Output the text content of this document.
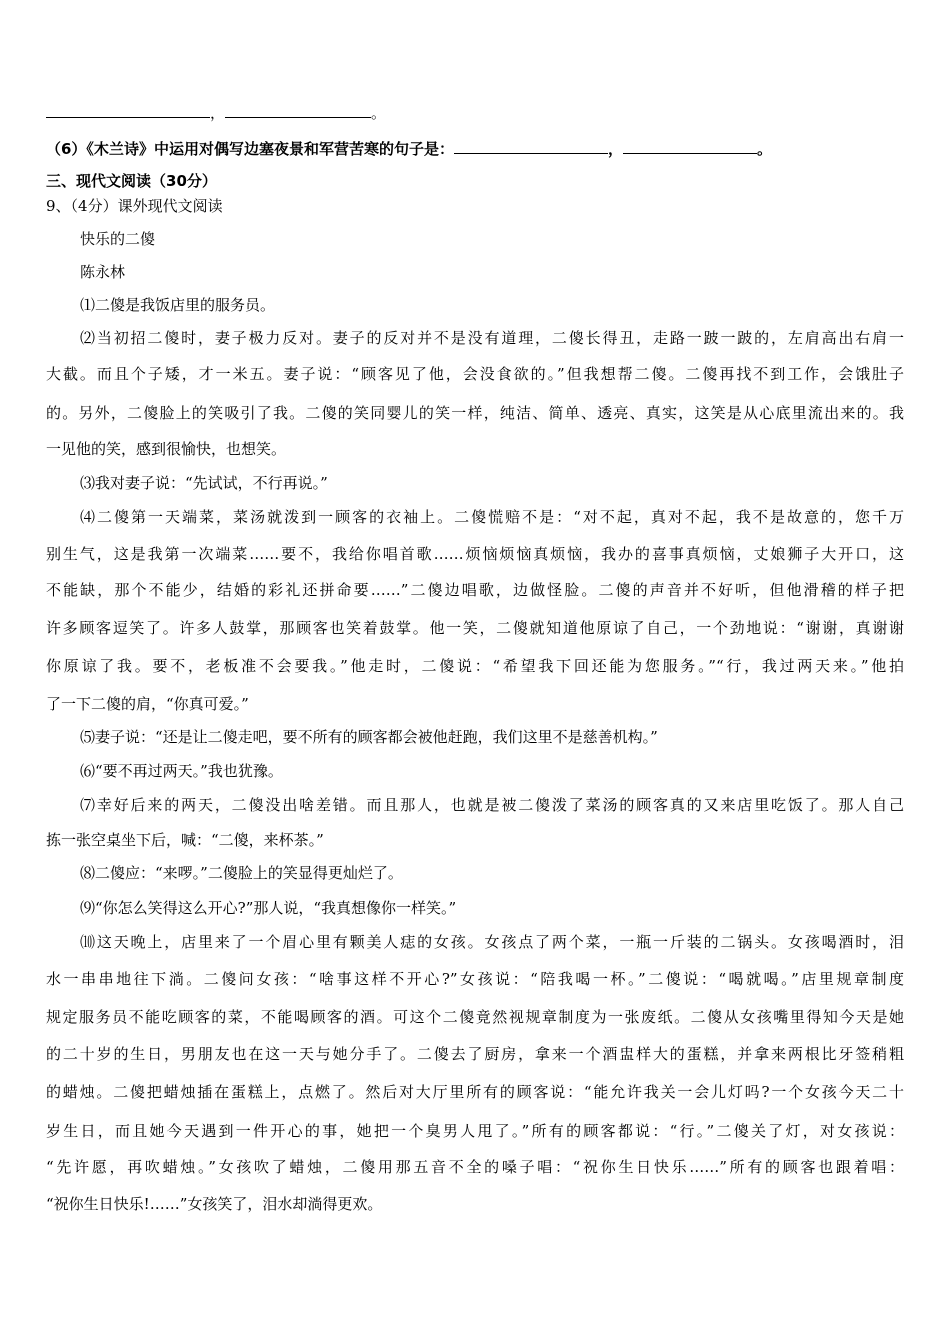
，	。
（6）《木兰诗》中运用对偶写边塞夜景和军营苦寒的句子是：	，	。
三、现代文阅读（30分）
9、（4分）课外现代文阅读
快乐的二傻
陈永林
⑴二傻是我饭店里的服务员。
⑵当初招二傻时，妻子极力反对。妻子的反对并不是没有道理，二傻长得丑，走路一跛一跛的，左肩高出右肩一
大截。而且个子矮，才一米五。妻子说：“顾客见了他，会没食欲的。”但我想帮二傻。二傻再找不到工作，会饿肚子
的。另外，二傻脸上的笑吸引了我。二傻的笑同婴儿的笑一样，纯洁、简单、透亮、真实，这笑是从心底里流出来的。我
一见他的笑，感到很愉快，也想笑。
⑶我对妻子说：“先试试，不行再说。”
⑷二傻第一天端菜，菜汤就泼到一顾客的衣袖上。二傻慌赔不是：“对不起，真对不起，我不是故意的，您千万
别生气，这是我第一次端菜……要不，我给你唱首歌……烦恼烦恼真烦恼，我办的喜事真烦恼，丈娘狮子大开口，这
不能缺，那个不能少，结婚的彩礼还拼命要……”二傻边唱歌，边做怪脸。二傻的声音并不好听，但他滑稽的样子把
许多顾客逗笑了。许多人鼓掌，那顾客也笑着鼓掌。他一笑，二傻就知道他原谅了自己，一个劲地说：“谢谢，真谢谢
你原谅了我。要不，老板准不会要我。”他走时，二傻说：“希望我下回还能为您服务。”“行，我过两天来。”他拍
了一下二傻的肩，“你真可爱。”
⑸妻子说：“还是让二傻走吧，要不所有的顾客都会被他赶跑，我们这里不是慈善机构。”
⑹“要不再过两天。”我也犹豫。
⑺幸好后来的两天，二傻没出啥差错。而且那人，也就是被二傻泼了菜汤的顾客真的又来店里吃饭了。那人自己
拣一张空桌坐下后，喊：“二傻，来杯茶。”
⑻二傻应：“来啰。”二傻脸上的笑显得更灿烂了。
⑼“你怎么笑得这么开心?”那人说，“我真想像你一样笑。”
⑽这天晚上，店里来了一个眉心里有颗美人痣的女孩。女孩点了两个菜，一瓶一斤装的二锅头。女孩喝酒时，泪
水一串串地往下淌。二傻问女孩：“啥事这样不开心?”女孩说：“陪我喝一杯。”二傻说：“喝就喝。”店里规章制度
规定服务员不能吃顾客的菜，不能喝顾客的酒。可这个二傻竟然视规章制度为一张废纸。二傻从女孩嘴里得知今天是她
的二十岁的生日，男朋友也在这一天与她分手了。二傻去了厨房，拿来一个酒盅样大的蛋糕，并拿来两根比牙签稍粗
的蜡烛。二傻把蜡烛插在蛋糕上，点燃了。然后对大厅里所有的顾客说：“能允许我关一会儿灯吗?一个女孩今天二十
岁生日，而且她今天遇到一件开心的事，她把一个臭男人甩了。”所有的顾客都说：“行。”二傻关了灯，对女孩说：
“先许愿，再吹蜡烛。”女孩吹了蜡烛，二傻用那五音不全的嗓子唱：“祝你生日快乐……”所有的顾客也跟着唱：
“祝你生日快乐!……”女孩笑了，泪水却淌得更欢。
